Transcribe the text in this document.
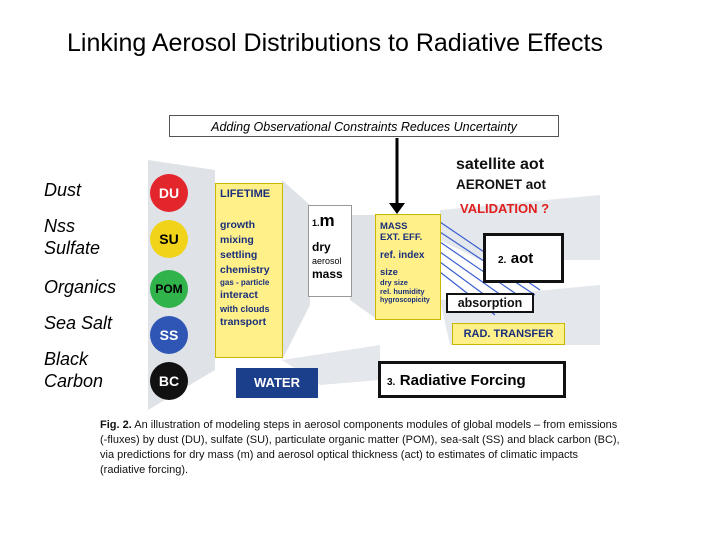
Linking Aerosol Distributions to Radiative Effects
Adding Observational Constraints Reduces Uncertainty
Dust
Nss Sulfate
Organics
Sea Salt
Black Carbon
DU
SU
POM
SS
BC
LIFETIME
growth
mixing
settling
chemistry
gas - particle
interact
with clouds
transport
WATER
1.m
dry
aerosol
mass
MASS
EXT. EFF.
ref. index
size
dry size
rel. humidity
hygroscopicity
satellite aot
AERONET aot
VALIDATION ?
2. aot
absorption
RAD. TRANSFER
3. Radiative Forcing
Fig. 2. An illustration of modeling steps in aerosol components modules of global models – from emissions (-fluxes) by dust (DU), sulfate (SU), particulate organic matter (POM), sea-salt (SS) and black carbon (BC), via predictions for dry mass (m) and aerosol optical thickness (act) to estimates of climatic impacts (radiative forcing).
